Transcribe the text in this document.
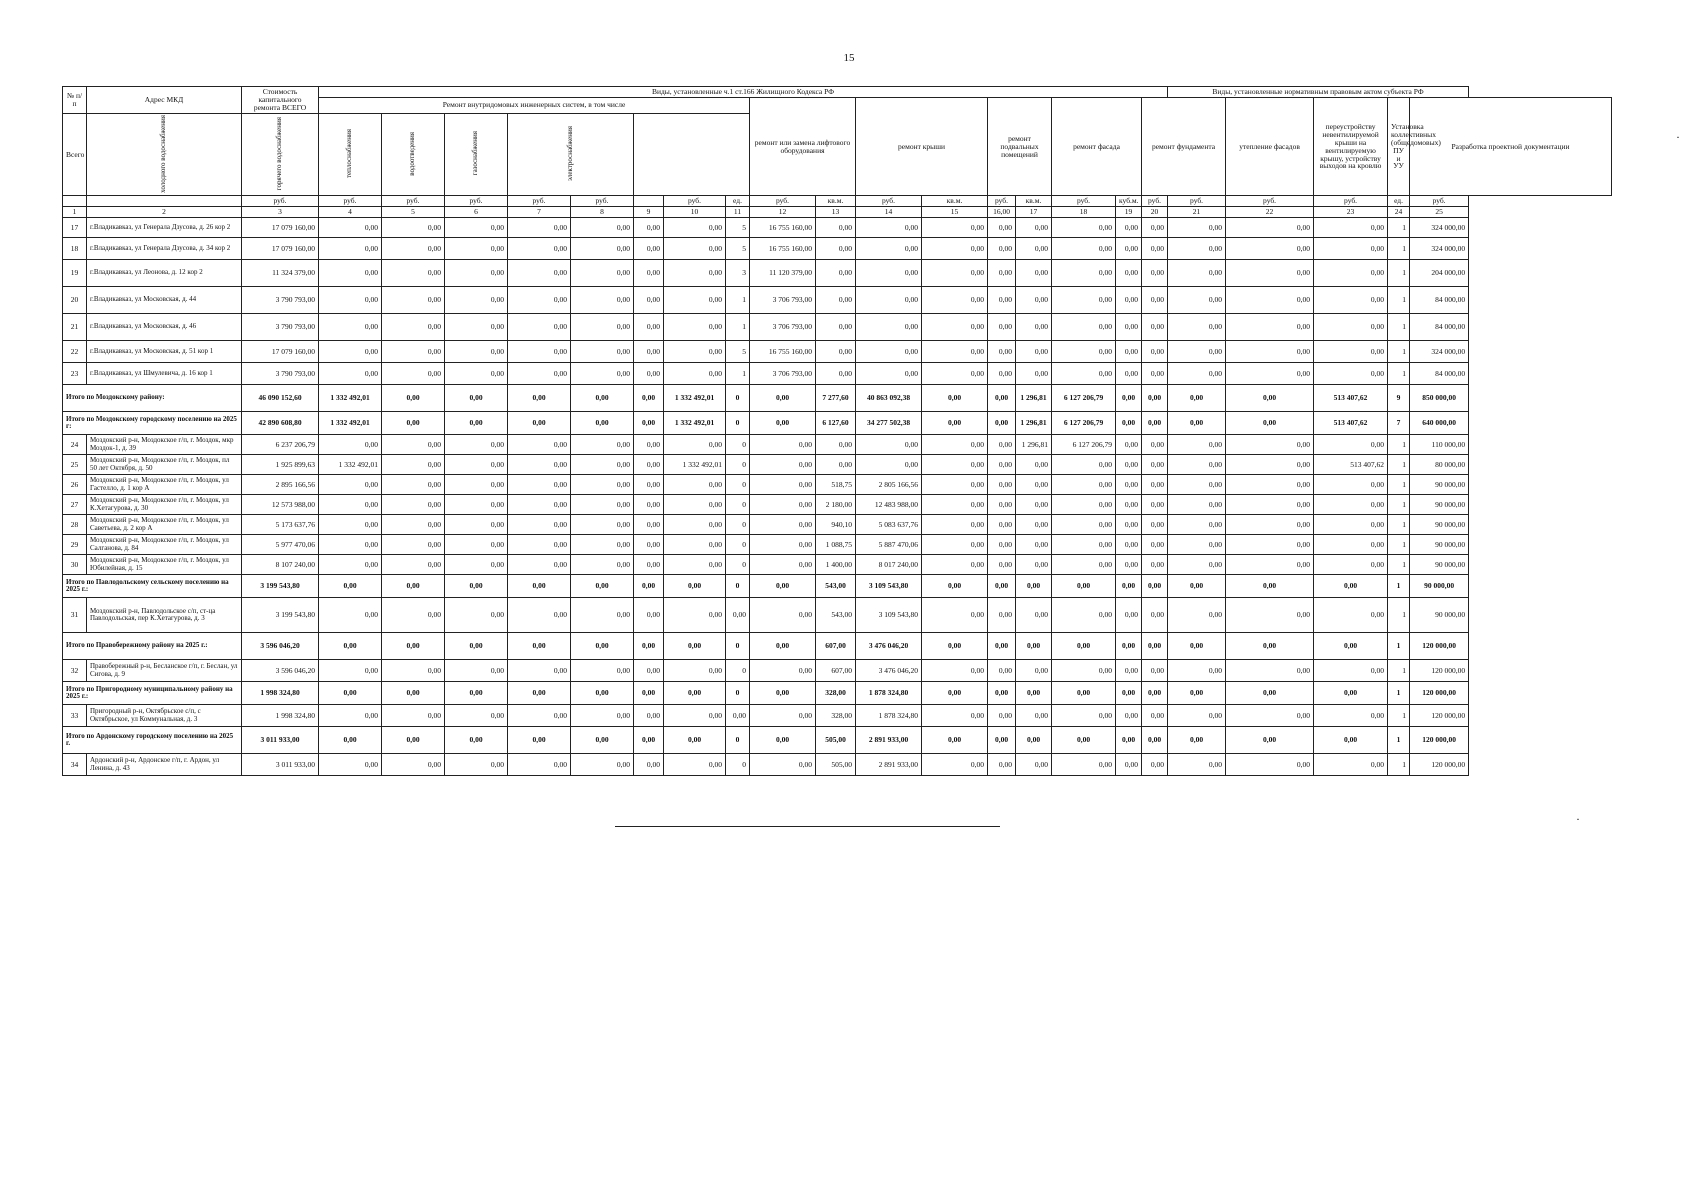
15
№ п/п	Адрес МКД	Стоимость капитального ремонта ВСЕГО	Виды, установленные ч.1 ст.166 Жилищного Кодекса РФ																	Виды, установленные нормативным правовым актом субъекта РФ				
			Ремонт внутридомовых инженерных систем, в том числе								ремонт или замена лифтового оборудования		ремонт крыши		ремонт подвальных помещений		ремонт фасада		ремонт фундамента		утепление фасадов	переустройству невентилируемой крыши на вентилируемую крышу, устройству выходов на кровлю	Установка коллективных (общедомовых) ПУ и УУ	Разработка проектной документации
Всего	холодного водоснабжения	горячего водоснабжения	теплоснабжения	водоотведения	газоснабжения	электроснабжения																		
		руб.	руб.	руб.	руб.	руб.	руб.		руб.	ед.	руб.	кв.м.	руб.	кв.м.	руб.	кв.м.	руб.	куб.м.	руб.	руб.	руб.	руб.	ед.	руб.
1	2	3	4	5	6	7	8	9	10	11	12	13	14	15	16,00	17	18	19	20	21	22	23	24	25
17	г.Владикавказ, ул Генерала Дзусова, д. 26 кор 2	17 079 160,00	0,00	0,00	0,00	0,00	0,00	0,00	0,00	5	16 755 160,00	0,00	0,00	0,00	0,00	0,00	0,00	0,00	0,00	0,00	0,00	0,00	1	324 000,00
18	г.Владикавказ, ул Генерала Дзусова, д. 34 кор 2	17 079 160,00	0,00	0,00	0,00	0,00	0,00	0,00	0,00	5	16 755 160,00	0,00	0,00	0,00	0,00	0,00	0,00	0,00	0,00	0,00	0,00	0,00	1	324 000,00
19	г.Владикавказ, ул Леонова, д. 12 кор 2	11 324 379,00	0,00	0,00	0,00	0,00	0,00	0,00	0,00	3	11 120 379,00	0,00	0,00	0,00	0,00	0,00	0,00	0,00	0,00	0,00	0,00	0,00	1	204 000,00
20	г.Владикавказ, ул Московская, д. 44	3 790 793,00	0,00	0,00	0,00	0,00	0,00	0,00	0,00	1	3 706 793,00	0,00	0,00	0,00	0,00	0,00	0,00	0,00	0,00	0,00	0,00	0,00	1	84 000,00
21	г.Владикавказ, ул Московская, д. 46	3 790 793,00	0,00	0,00	0,00	0,00	0,00	0,00	0,00	1	3 706 793,00	0,00	0,00	0,00	0,00	0,00	0,00	0,00	0,00	0,00	0,00	0,00	1	84 000,00
22	г.Владикавказ, ул Московская, д. 51 кор 1	17 079 160,00	0,00	0,00	0,00	0,00	0,00	0,00	0,00	5	16 755 160,00	0,00	0,00	0,00	0,00	0,00	0,00	0,00	0,00	0,00	0,00	0,00	1	324 000,00
23	г.Владикавказ, ул Шмулевича, д. 16 кор 1	3 790 793,00	0,00	0,00	0,00	0,00	0,00	0,00	0,00	1	3 706 793,00	0,00	0,00	0,00	0,00	0,00	0,00	0,00	0,00	0,00	0,00	0,00	1	84 000,00
Итого по Моздокскому району:		46 090 152,60	1 332 492,01	0,00	0,00	0,00	0,00	0,00	1 332 492,01	0	0,00	7 277,60	40 863 092,38	0,00	0,00	1 296,81	6 127 206,79	0,00	0,00	0,00	0,00	513 407,62	9	850 000,00
Итого по Моздокскому городскому поселению на 2025 г:		42 890 608,80	1 332 492,01	0,00	0,00	0,00	0,00	0,00	1 332 492,01	0	0,00	6 127,60	34 277 502,38	0,00	0,00	1 296,81	6 127 206,79	0,00	0,00	0,00	0,00	513 407,62	7	640 000,00
24	Моздокский р-н, Моздокское г/п, г. Моздок, мкр Моздок-1, д. 39	6 237 206,79	0,00	0,00	0,00	0,00	0,00	0,00	0,00	0	0,00	0,00	0,00	0,00	0,00	1 296,81	6 127 206,79	0,00	0,00	0,00	0,00	0,00	1	110 000,00
25	Моздокский р-н, Моздокское г/п, г. Моздок, пл 50 лет Октября, д. 50	1 925 899,63	1 332 492,01	0,00	0,00	0,00	0,00	0,00	1 332 492,01	0	0,00	0,00	0,00	0,00	0,00	0,00	0,00	0,00	0,00	0,00	0,00	513 407,62	1	80 000,00
26	Моздокский р-н, Моздокское г/п, г. Моздок, ул Гастелло, д. 1 кор А	2 895 166,56	0,00	0,00	0,00	0,00	0,00	0,00	0,00	0	0,00	518,75	2 805 166,56	0,00	0,00	0,00	0,00	0,00	0,00	0,00	0,00	0,00	1	90 000,00
27	Моздокский р-н, Моздокское г/п, г. Моздок, ул К.Хетагурова, д. 30	12 573 988,00	0,00	0,00	0,00	0,00	0,00	0,00	0,00	0	0,00	2 180,00	12 483 988,00	0,00	0,00	0,00	0,00	0,00	0,00	0,00	0,00	0,00	1	90 000,00
28	Моздокский р-н, Моздокское г/п, г. Моздок, ул Саветьева, д. 2 кор А	5 173 637,76	0,00	0,00	0,00	0,00	0,00	0,00	0,00	0	0,00	940,10	5 083 637,76	0,00	0,00	0,00	0,00	0,00	0,00	0,00	0,00	0,00	1	90 000,00
29	Моздокский р-н, Моздокское г/п, г. Моздок, ул Салганова, д. 84	5 977 470,06	0,00	0,00	0,00	0,00	0,00	0,00	0,00	0	0,00	1 088,75	5 887 470,06	0,00	0,00	0,00	0,00	0,00	0,00	0,00	0,00	0,00	1	90 000,00
30	Моздокский р-н, Моздокское г/п, г. Моздок, ул Юбилейная, д. 15	8 107 240,00	0,00	0,00	0,00	0,00	0,00	0,00	0,00	0	0,00	1 400,00	8 017 240,00	0,00	0,00	0,00	0,00	0,00	0,00	0,00	0,00	0,00	1	90 000,00
Итого по Павлодольскому сельскому поселению на 2025 г.:		3 199 543,80	0,00	0,00	0,00	0,00	0,00	0,00	0,00	0	0,00	543,00	3 109 543,80	0,00	0,00	0,00	0,00	0,00	0,00	0,00	0,00	0,00	1	90 000,00
31	Моздокский р-н, Павлодольское с/п, ст-ца Павлодольская, пер К.Хетагурова, д. 3	3 199 543,80	0,00	0,00	0,00	0,00	0,00	0,00	0,00	0,00	0,00	543,00	3 109 543,80	0,00	0,00	0,00	0,00	0,00	0,00	0,00	0,00	0,00	1	90 000,00
Итого по Правобережному району на 2025 г.:		3 596 046,20	0,00	0,00	0,00	0,00	0,00	0,00	0,00	0	0,00	607,00	3 476 046,20	0,00	0,00	0,00	0,00	0,00	0,00	0,00	0,00	0,00	1	120 000,00
32	Правобережный р-н, Бесланское г/п, г. Беслан, ул Сигова, д. 9	3 596 046,20	0,00	0,00	0,00	0,00	0,00	0,00	0,00	0	0,00	607,00	3 476 046,20	0,00	0,00	0,00	0,00	0,00	0,00	0,00	0,00	0,00	1	120 000,00
Итого по Пригородному муниципальному району на 2025 г.:		1 998 324,80	0,00	0,00	0,00	0,00	0,00	0,00	0,00	0	0,00	328,00	1 878 324,80	0,00	0,00	0,00	0,00	0,00	0,00	0,00	0,00	0,00	1	120 000,00
33	Пригородный р-н, Октябрьское с/п, с Октябрьское, ул Коммунальная, д. 3	1 998 324,80	0,00	0,00	0,00	0,00	0,00	0,00	0,00	0,00	0,00	328,00	1 878 324,80	0,00	0,00	0,00	0,00	0,00	0,00	0,00	0,00	0,00	1	120 000,00
Итого по Ардонскому городскому поселению на 2025 г.		3 011 933,00	0,00	0,00	0,00	0,00	0,00	0,00	0,00	0	0,00	505,00	2 891 933,00	0,00	0,00	0,00	0,00	0,00	0,00	0,00	0,00	0,00	1	120 000,00
34	Ардонский р-н, Ардонское г/п, г. Ардон, ул Ленина, д. 43	3 011 933,00	0,00	0,00	0,00	0,00	0,00	0,00	0,00	0	0,00	505,00	2 891 933,00	0,00	0,00	0,00	0,00	0,00	0,00	0,00	0,00	0,00	1	120 000,00
·
·
